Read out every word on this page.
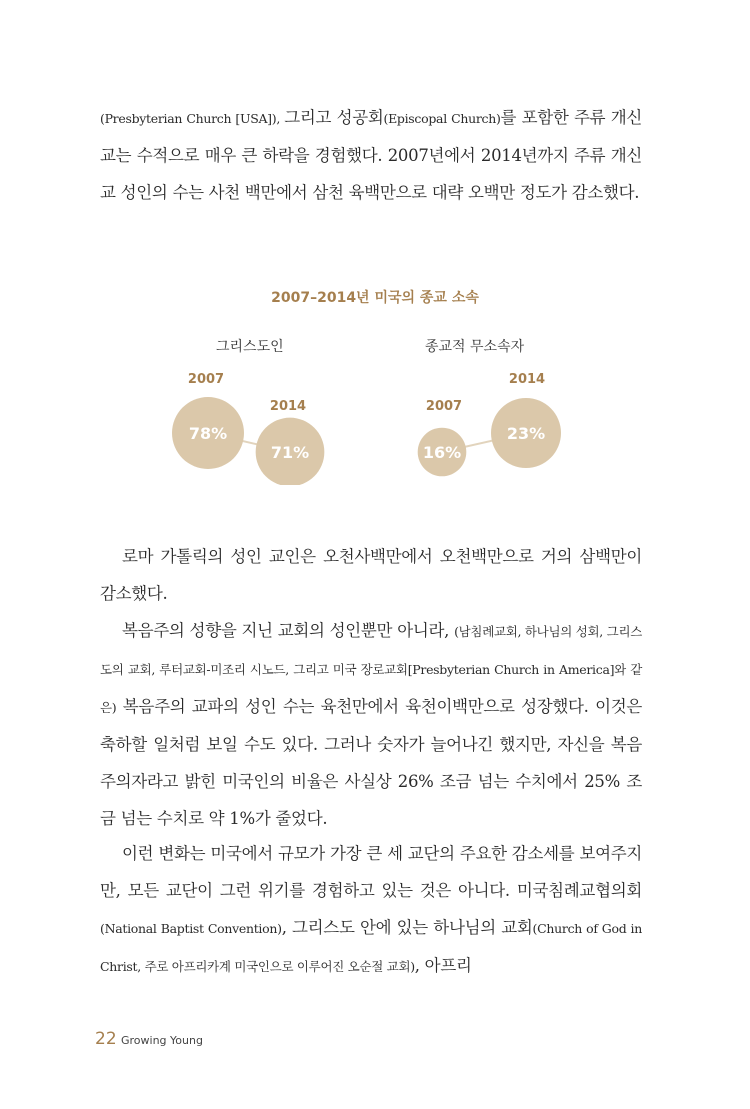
(Presbyterian Church [USA]), 그리고 성공회(Episcopal Church)를 포함한 주류 개신교는 수적으로 매우 큰 하락을 경험했다. 2007년에서 2014년까지 주류 개신교 성인의 수는 사천 백만에서 삼천 육백만으로 대략 오백만 정도가 감소했다.

2007–2014년 미국의 종교 소속
그리스도인	종교적 무소속자
78%
2007
71%
2014
16%
2007
23%
2014

로마 가톨릭의 성인 교인은 오천사백만에서 오천백만으로 거의 삼백만이 감소했다.

복음주의 성향을 지닌 교회의 성인뿐만 아니라, (남침례교회, 하나님의 성회, 그리스도의 교회, 루터교회-미조리 시노드, 그리고 미국 장로교회[Presbyterian Church in America]와 같은) 복음주의 교파의 성인 수는 육천만에서 육천이백만으로 성장했다. 이것은 축하할 일처럼 보일 수도 있다. 그러나 숫자가 늘어나긴 했지만, 자신을 복음주의자라고 밝힌 미국인의 비율은 사실상 26% 조금 넘는 수치에서 25% 조금 넘는 수치로 약 1%가 줄었다.

이런 변화는 미국에서 규모가 가장 큰 세 교단의 주요한 감소세를 보여주지만, 모든 교단이 그런 위기를 경험하고 있는 것은 아니다. 미국침례교협의회(National Baptist Convention), 그리스도 안에 있는 하나님의 교회(Church of God in Christ, 주로 아프리카계 미국인으로 이루어진 오순절 교회), 아프리

22 Growing Young
